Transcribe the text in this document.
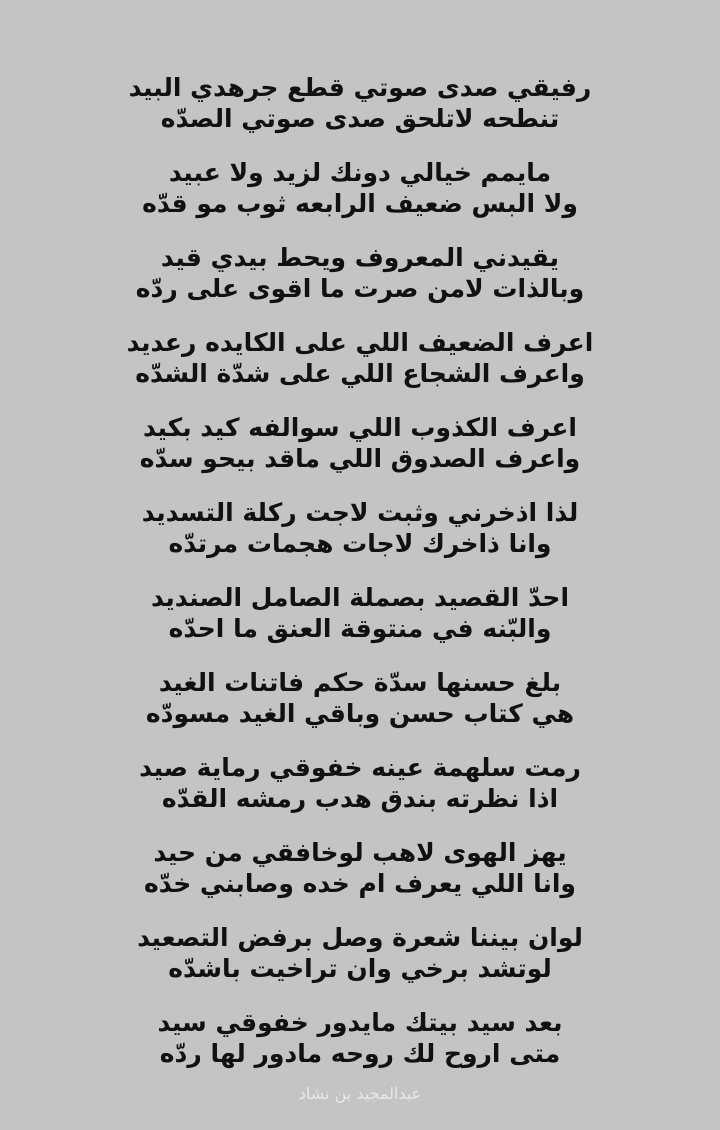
رفيقي صدى صوتي قطع جرهدي البيد
تنطحه لاتلحق صدى صوتي الصدّه
مايمم خيالي دونك لزيد ولا عبيد
ولا البس ضعيف الرابعه ثوب مو قدّه
يقيدني المعروف ويحط بيدي قيد
وبالذات لامن صرت ما اقوى على ردّه
اعرف الضعيف اللي على الكايده رعديد
واعرف الشجاع اللي على شدّة الشدّه
اعرف الكذوب اللي سوالفه كيد بكيد
واعرف الصدوق اللي ماقد بيحو سدّه
لذا اذخرني وثبت لاجت ركلة التسديد
وانا ذاخرك لاجات هجمات مرتدّه
احدّ القصيد بصملة الصامل الصنديد
والبّنه في منتوقة العنق ما احدّه
بلغ حسنها سدّة حكم فاتنات الغيد
هي كتاب حسن وباقي الغيد مسودّه
رمت سلهمة عينه خفوقي رماية صيد
اذا نظرته بندق هدب رمشه القدّه
يهز الهوى لاهب لوخافقي من حيد
وانا اللي يعرف ام خده وصابني خدّه
لوان بيننا شعرة وصل برفض التصعيد
لوتشد برخي وان تراخيت باشدّه
بعد سيد بيتك مايدور خفوقي سيد
متى اروح لك روحه مادور لها ردّه
عبدالمجيد بن نشاد
